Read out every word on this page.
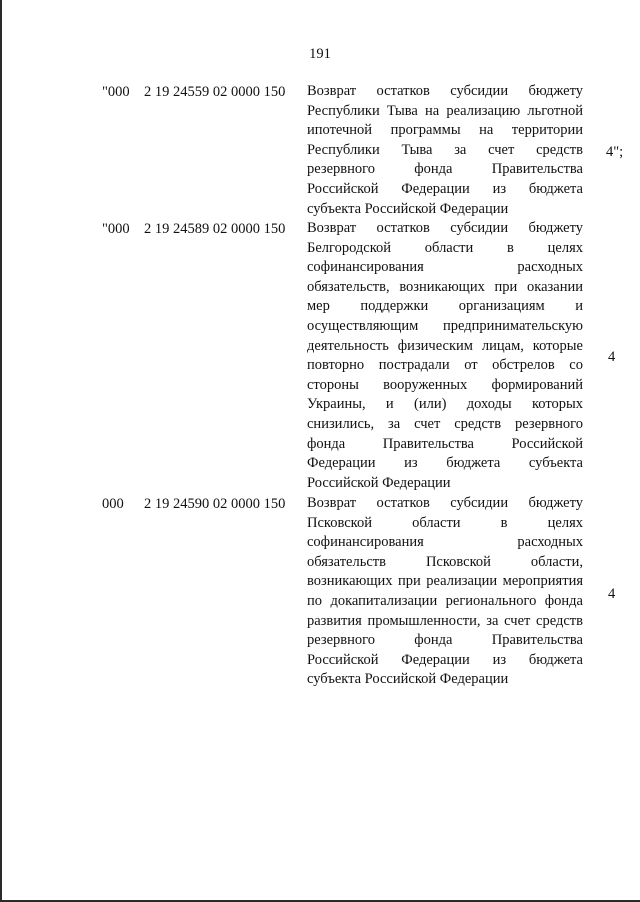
191
"000 2 19 24559 02 0000 150 Возврат остатков субсидии бюджету
Республики Тыва на реализацию льготной
ипотечной программы на территории
Республики Тыва за счет средств
резервного фонда Правительства
Российской Федерации из бюджета
субъекта Российской Федерации
4";
"000 2 19 24589 02 0000 150 Возврат остатков субсидии бюджету
Белгородской области в целях
софинансирования расходных
обязательств, возникающих при оказании
мер поддержки организациям и
осуществляющим предпринимательскую
деятельность физическим лицам, которые
повторно пострадали от обстрелов со
стороны вооруженных формирований
Украины, и (или) доходы которых
снизились, за счет средств резервного
фонда Правительства Российской
Федерации из бюджета субъекта
Российской Федерации
4
000 2 19 24590 02 0000 150 Возврат остатков субсидии бюджету
Псковской области в целях
софинансирования расходных
обязательств Псковской области,
возникающих при реализации мероприятия
по докапитализации регионального фонда
развития промышленности, за счет средств
резервного фонда Правительства
Российской Федерации из бюджета
субъекта Российской Федерации
4
